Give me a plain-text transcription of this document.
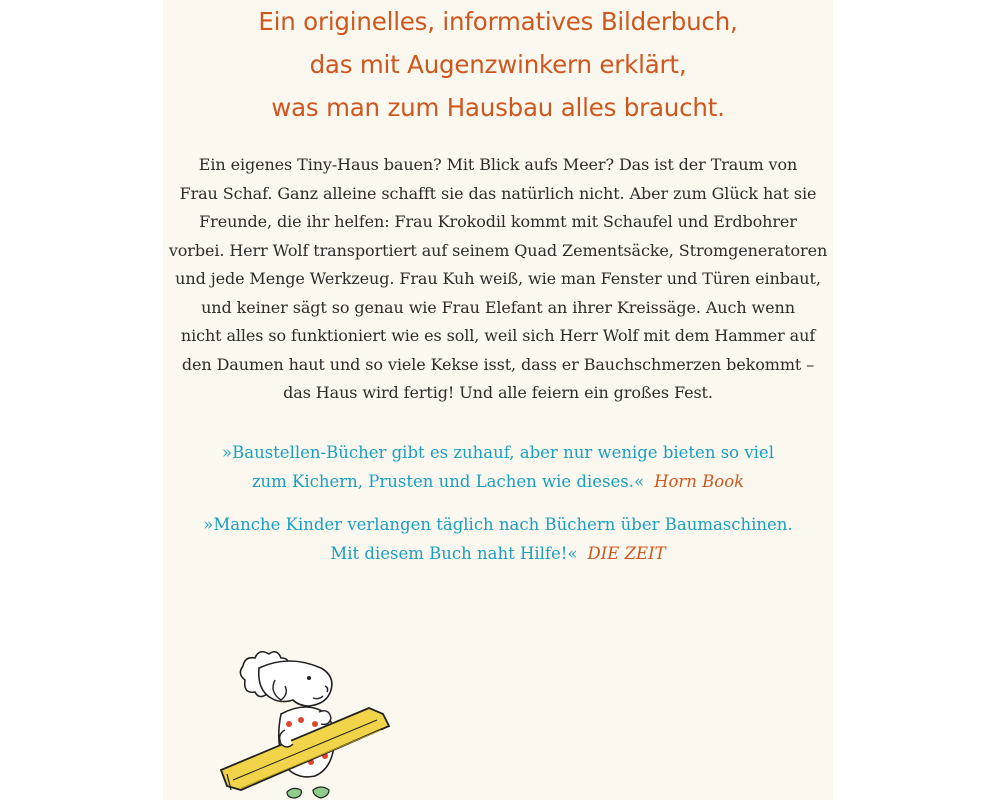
Ein originelles, informatives Bilderbuch,
das mit Augenzwinkern erklärt,
was man zum Hausbau alles braucht.
Ein eigenes Tiny-Haus bauen? Mit Blick aufs Meer? Das ist der Traum von
Frau Schaf. Ganz alleine schafft sie das natürlich nicht. Aber zum Glück hat sie
Freunde, die ihr helfen: Frau Krokodil kommt mit Schaufel und Erdbohrer
vorbei. Herr Wolf transportiert auf seinem Quad Zementsäcke, Stromgeneratoren
und jede Menge Werkzeug. Frau Kuh weiß, wie man Fenster und Türen einbaut,
und keiner sägt so genau wie Frau Elefant an ihrer Kreissäge. Auch wenn
nicht alles so funktioniert wie es soll, weil sich Herr Wolf mit dem Hammer auf
den Daumen haut und so viele Kekse isst, dass er Bauchschmerzen bekommt –
das Haus wird fertig! Und alle feiern ein großes Fest.
»Baustellen-Bücher gibt es zuhauf, aber nur wenige bieten so viel
zum Kichern, Prusten und Lachen wie dieses.« Horn Book
»Manche Kinder verlangen täglich nach Büchern über Baumaschinen.
Mit diesem Buch naht Hilfe!« DIE ZEIT
